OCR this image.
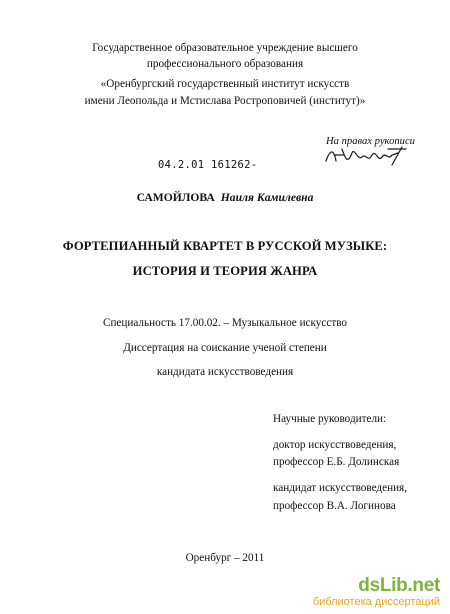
Государственное образовательное учреждение высшего
профессионального образования
«Оренбургский государственный институт искусств
имени Леопольда и Мстислава Ростроповичей (институт)»
На правах рукописи
04.2.01 161262-
САМОЙЛОВА Наиля Камилевна
ФОРТЕПИАННЫЙ КВАРТЕТ В РУССКОЙ МУЗЫКЕ:
ИСТОРИЯ И ТЕОРИЯ ЖАНРА
Специальность 17.00.02. – Музыкальное искусство
Диссертация на соискание ученой степени
кандидата искусствоведения
Научные руководители:
доктор искусствоведения,
профессор Е.Б. Долинская
кандидат искусствоведения,
профессор В.А. Логинова
Оренбург – 2011
dsLib.net
библиотека диссертаций
